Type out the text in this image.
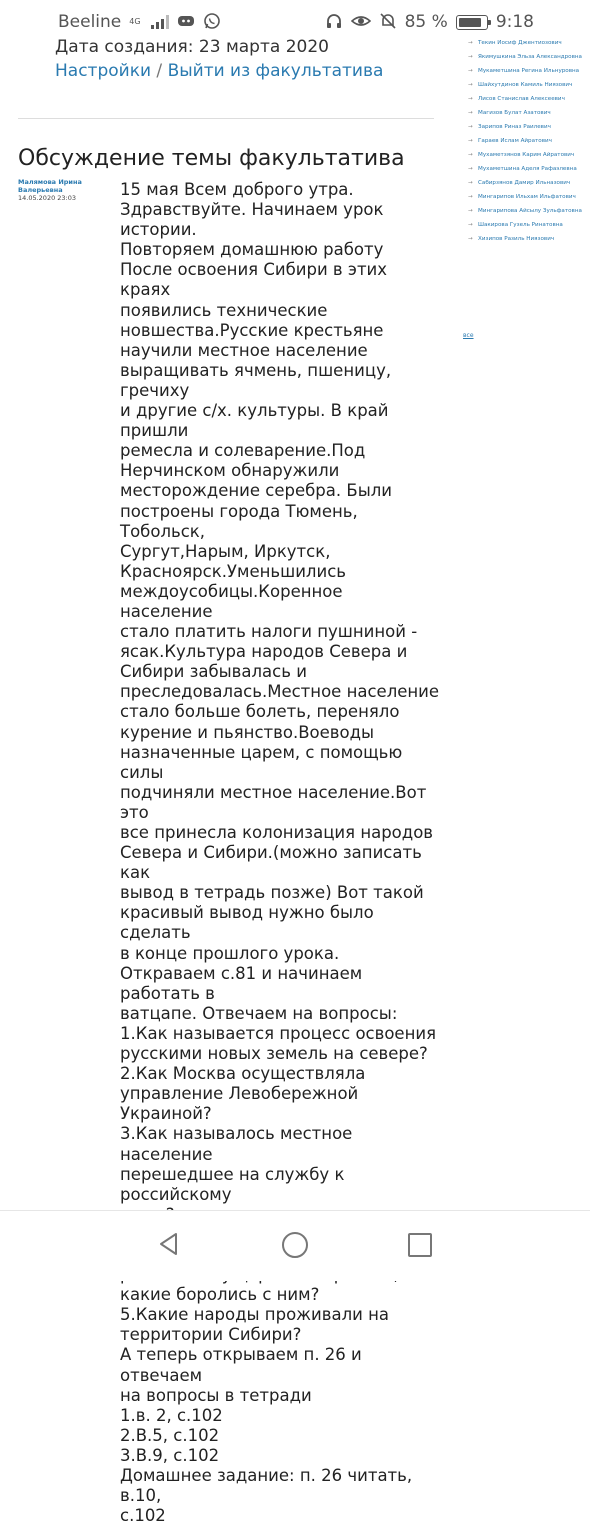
Beeline 4G	85 %	9:18
Дата создания: 23 марта 2020
Настройки / Выйти из факультатива
Обсуждение темы факультатива
Малямова Ирина Валерьевна
14.05.2020 23:03	15 мая Всем доброго утра.
Здравствуйте. Начинаем урок
истории.
Повторяем домашнюю работу
После освоения Сибири в этих краях
появились технические
новшества.Русские крестьяне
научили местное население
выращивать ячмень, пшеницу, гречиху
и другие с/х. культуры. В край пришли
ремесла и солеварение.Под
Нерчинском обнаружили
месторождение серебра. Были
построены города Тюмень, Тобольск,
Сургут,Нарым, Иркутск,
Красноярск.Уменьшились
междоусобицы.Коренное население
стало платить налоги пушниной -
ясак.Культура народов Севера и
Сибири забывалась и
преследовалась.Местное население
стало больше болеть, переняло
курение и пьянство.Воеводы
назначенные царем, с помощью силы
подчиняли местное население.Вот это
все принесла колонизация народов
Севера и Сибири.(можно записать как
вывод в тетрадь позже) Вот такой
красивый вывод нужно было сделать
в конце прошлого урока.
Откраваем с.81 и начинаем работать в
ватцапе. Отвечаем на вопросы:
1.Как называется процесс освоения
русскими новых земель на севере?
2.Как Москва осуществляла
управление Левобережной Украиной?
3.Как называлось местное население
перешедшее на службу к российскому
какие боролись с ним?
5.Какие народы проживали на
территории Сибири?
А теперь открываем п. 26 и отвечаем
на вопросы в тетради
1.в. 2, с.102
2.В.5, с.102
3.В.9, с.102
Домашнее задание: п. 26 читать, в.10,
с.102
→ Текин Иосиф Джентиозович
→ Якимушкина Эльза Александровна
→ Мукаметшина Регина Ильнуровна
→ Шайхутдинов Камиль Ниязович
→ Лисов Станислав Алексеевич
→ Магизов Булат Азатович
→ Зарипов Риназ Раилевич
→ Гараев Ислам Айратович
→ Мухаметзянов Карим Айратович
→ Мухаметшина Аделя Рафаэлевна
→ Сабирзянов Дамир Ильназович
→ Мингарипов Ильхам Ильфатович
→ Мингарипова Айсылу Зульфатовна
→ Шакирова Гузель Ринатовна
→ Хизипов Разиль Ниязович
все
